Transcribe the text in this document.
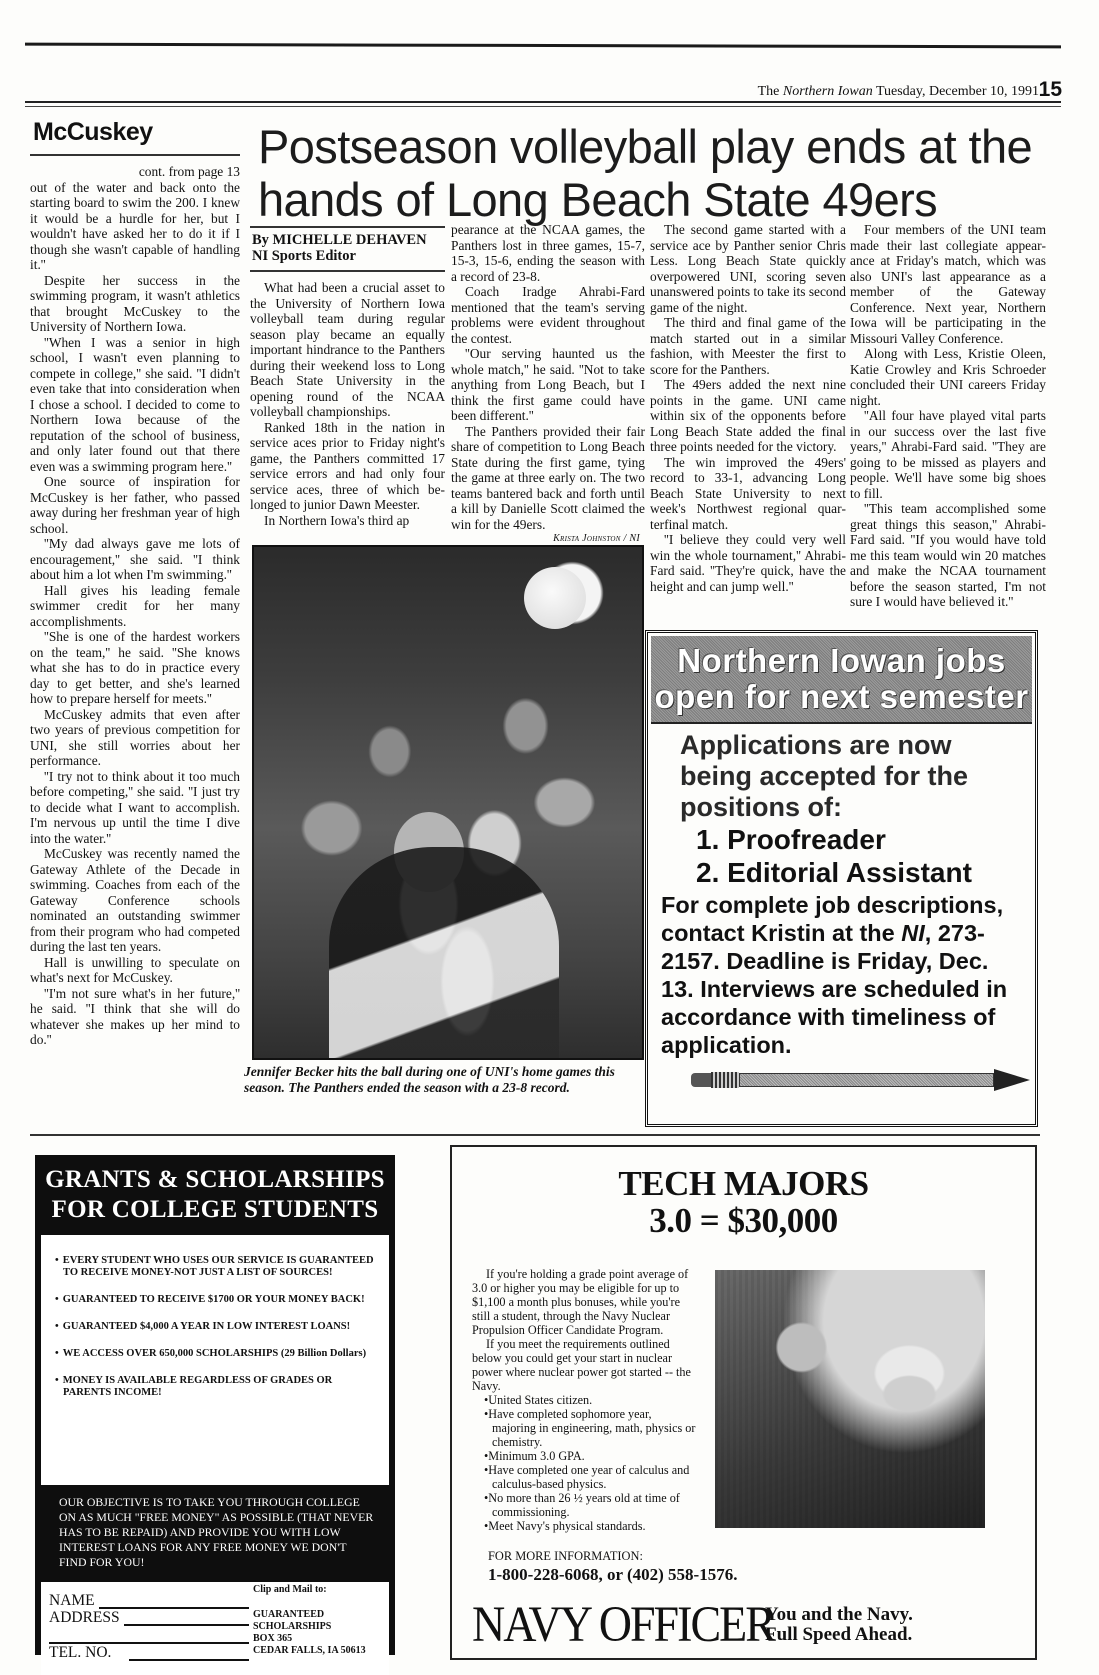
The Northern Iowan Tuesday, December 10, 1991 15
McCuskey
cont. from page 13

out of the water and back onto the starting board to swim the 200. I knew it would be a hurdle for her, but I wouldn't have asked her to do it if I though she wasn't capable of handling it.''

Despite her success in the swimming program, it wasn't athletics that brought McCuskey to the University of Northern Iowa.

''When I was a senior in high school, I wasn't even planning to compete in college,'' she said. ''I didn't even take that into consideration when I chose a school. I decided to come to Northern Iowa because of the reputation of the school of business, and only later found out that there even was a swimming program here.''

One source of inspiration for McCuskey is her father, who passed away during her freshman year of high school.

''My dad always gave me lots of encouragement,'' she said. ''I think about him a lot when I'm swimming.''

Hall gives his leading female swimmer credit for her many accomplishments.

''She is one of the hardest workers on the team,'' he said. ''She knows what she has to do in practice every day to get better, and she's learned how to prepare herself for meets.''

McCuskey admits that even after two years of previous competition for UNI, she still worries about her performance.

''I try not to think about it too much before competing,'' she said. ''I just try to decide what I want to accomplish. I'm nervous up until the time I dive into the water.''

McCuskey was recently named the Gateway Athlete of the Decade in swimming. Coaches from each of the Gateway Conference schools nominated an outstanding swimmer from their program who had competed during the last ten years.

Hall is unwilling to speculate on what's next for McCuskey.

''I'm not sure what's in her future,'' he said. ''I think that she will do whatever she makes up her mind to do.''

Postseason volleyball play ends at the
hands of Long Beach State 49ers
By MICHELLE DEHAVEN
NI Sports Editor

What had been a crucial asset to the University of Northern Iowa volleyball team during regular season play became an equally important hindrance to the Panthers during their weekend loss to Long Beach State University in the opening round of the NCAA volleyball championships.

Ranked 18th in the nation in service aces prior to Friday night's game, the Panthers committed 17 service errors and had only four service aces, three of which belonged to junior Dawn Meester.

In Northern Iowa's third ap

pearance at the NCAA games, the Panthers lost in three games, 15-7, 15-3, 15-6, ending the season with a record of 23-8.

Coach Iradge Ahrabi-Fard mentioned that the team's serving problems were evident throughout the contest.

''Our serving haunted us the whole match,'' he said. ''Not to take anything from Long Beach, but I think the first game could have been different.''

The Panthers provided their fair share of competition to Long Beach State during the first game, tying the game at three early on. The two teams bantered back and forth until a kill by Danielle Scott claimed the win for the 49ers.

The second game started with a service ace by Panther senior Chris Less. Long Beach State quickly overpowered UNI, scoring seven unanswered points to take its second game of the night.

The third and final game of the match started out in a similar fashion, with Meester the first to score for the Panthers.

The 49ers added the next nine points in the game. UNI came within six of the opponents before Long Beach State added the final three points needed for the victory.

The win improved the 49ers' record to 33-1, advancing Long Beach State University to next week's Northwest regional quarterfinal match.

''I believe they could very well win the whole tournament,'' Ahrabi-Fard said. ''They're quick, have the height and can jump well.''

Four members of the UNI team made their last collegiate appearance at Friday's match, which was also UNI's last appearance as a member of the Gateway Conference. Next year, Northern Iowa will be participating in the Missouri Valley Conference.

Along with Less, Kristie Oleen, Katie Crowley and Kris Schroeder concluded their UNI careers Friday night.

''All four have played vital parts in our success over the last five years,'' Ahrabi-Fard said. ''They are going to be missed as players and people. We'll have some big shoes to fill.

''This team accomplished some great things this season,'' Ahrabi-Fard said. ''If you would have told me this team would win 20 matches and make the NCAA tournament before the season started, I'm not sure I would have believed it.''

Krista Johnston / NI
Jennifer Becker hits the ball during one of UNI's home games this season. The Panthers ended the season with a 23-8 record.
Northern Iowan jobs
open for next semester
Applications are now being accepted for the positions of:
1. Proofreader
2. Editorial Assistant
For complete job descriptions, contact Kristin at the NI, 273-2157. Deadline is Friday, Dec. 13. Interviews are scheduled in accordance with timeliness of application.
GRANTS & SCHOLARSHIPS
FOR COLLEGE STUDENTS
• EVERY STUDENT WHO USES OUR SERVICE IS GUARANTEED TO RECEIVE MONEY-NOT JUST A LIST OF SOURCES!
• GUARANTEED TO RECEIVE $1700 OR YOUR MONEY BACK!
• GUARANTEED $4,000 A YEAR IN LOW INTEREST LOANS!
• WE ACCESS OVER 650,000 SCHOLARSHIPS (29 Billion Dollars)
• MONEY IS AVAILABLE REGARDLESS OF GRADES OR PARENTS INCOME!
OUR OBJECTIVE IS TO TAKE YOU THROUGH COLLEGE ON AS MUCH "FREE MONEY" AS POSSIBLE (THAT NEVER HAS TO BE REPAID) AND PROVIDE YOU WITH LOW INTEREST LOANS FOR ANY FREE MONEY WE DON'T FIND FOR YOU!
NAME
ADDRESS
TEL. NO.
Clip and Mail to:
GUARANTEED SCHOLARSHIPS
BOX 365
CEDAR FALLS, IA 50613
TECH MAJORS
3.0 = $30,000

If you're holding a grade point average of 3.0 or higher you may be eligible for up to $1,100 a month plus bonuses, while you're still a student, through the Navy Nuclear Propulsion Officer Candidate Program.

If you meet the requirements outlined below you could get your start in nuclear power where nuclear power got started -- the Navy.

• United States citizen.
• Have completed sophomore year, majoring in engineering, math, physics or chemistry.
• Minimum 3.0 GPA.
• Have completed one year of calculus and calculus-based physics.
• No more than 26 ½ years old at time of commissioning.
• Meet Navy's physical standards.
FOR MORE INFORMATION:
1-800-228-6068, or (402) 558-1576.
NAVY OFFICER
You and the Navy.
Full Speed Ahead.
